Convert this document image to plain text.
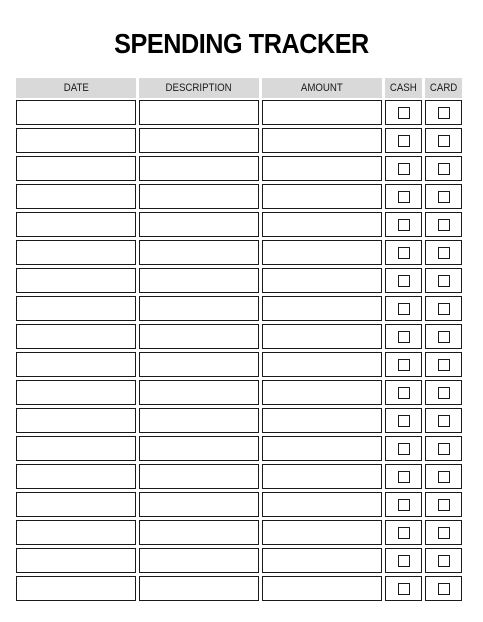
SPENDING TRACKER
DATE	DESCRIPTION	AMOUNT	CASH	CARD
